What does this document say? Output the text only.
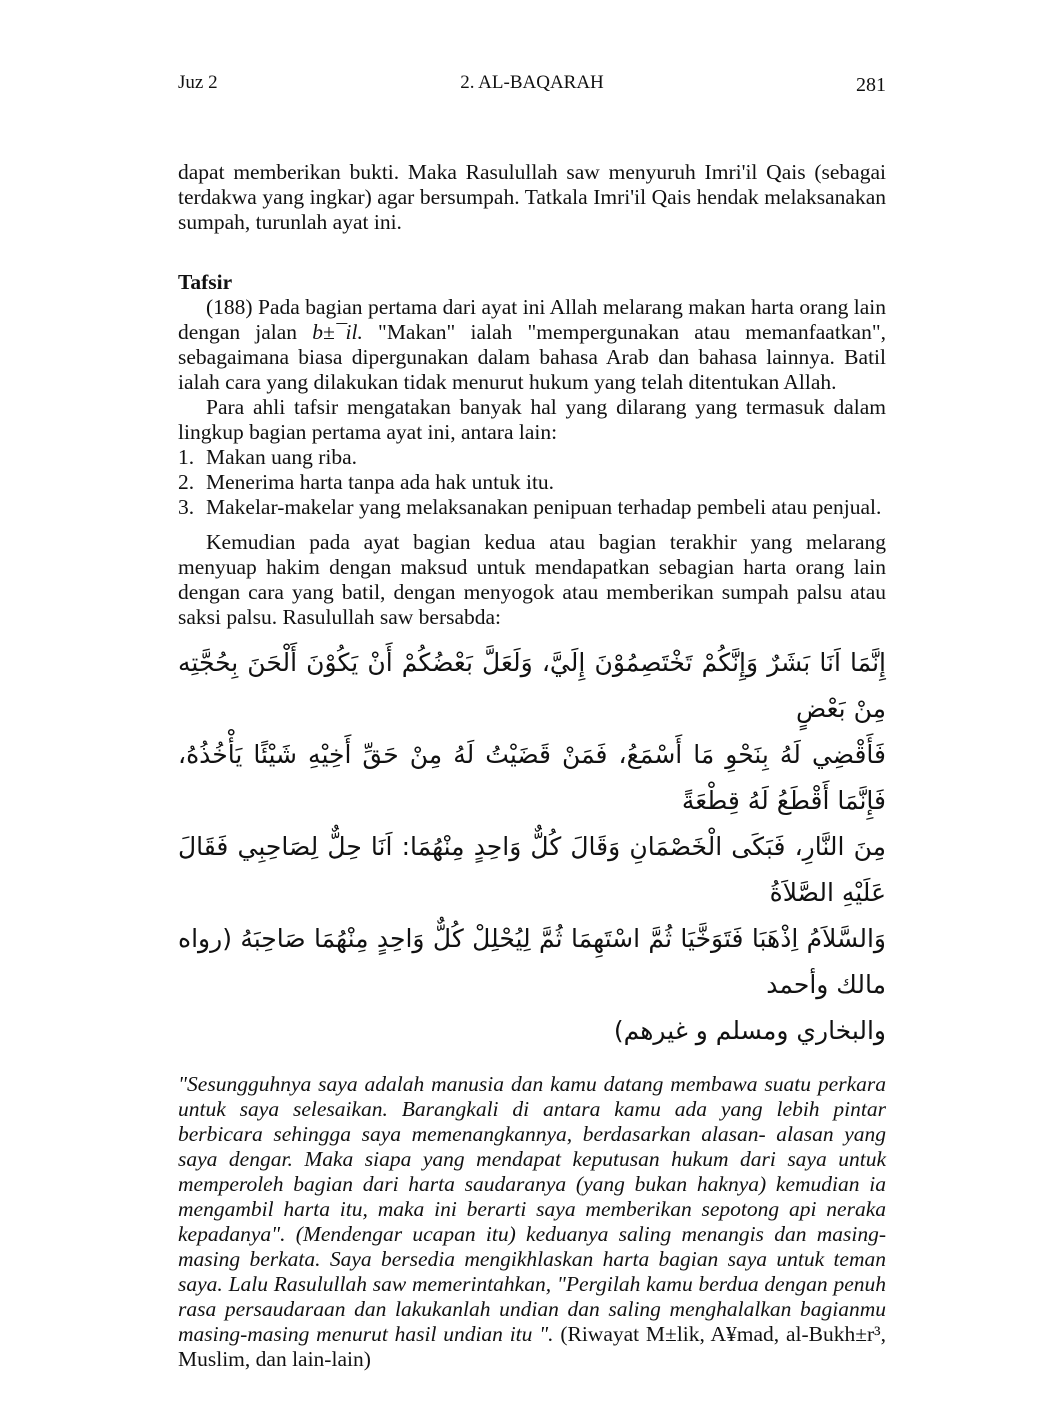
Juz 2	2. AL-BAQARAH	281

dapat memberikan bukti. Maka Rasulullah saw menyuruh Imri'il Qais (sebagai terdakwa yang ingkar) agar bersumpah. Tatkala Imri'il Qais hendak melaksanakan sumpah, turunlah ayat ini.

Tafsir

(188) Pada bagian pertama dari ayat ini Allah melarang makan harta orang lain dengan jalan b±¯il. "Makan" ialah "mempergunakan atau memanfaatkan", sebagaimana biasa dipergunakan dalam bahasa Arab dan bahasa lainnya. Batil ialah cara yang dilakukan tidak menurut hukum yang telah ditentukan Allah.

Para ahli tafsir mengatakan banyak hal yang dilarang yang termasuk dalam lingkup bagian pertama ayat ini, antara lain:

1. Makan uang riba.
2. Menerima harta tanpa ada hak untuk itu.
3. Makelar-makelar yang melaksanakan penipuan terhadap pembeli atau penjual.

Kemudian pada ayat bagian kedua atau bagian terakhir yang melarang menyuap hakim dengan maksud untuk mendapatkan sebagian harta orang lain dengan cara yang batil, dengan menyogok atau memberikan sumpah palsu atau saksi palsu. Rasulullah saw bersabda:

إِنَّمَا اَنَا بَشَرٌ وَإِنَّكُمْ تَخْتَصِمُوْنَ إِلَيَّ، وَلَعَلَّ بَعْضُكُمْ أَنْ يَكُوْنَ أَلْحَنَ بِحُجَّتِه مِنْ بَعْضٍ
فَأَقْضِي لَهُ بِنَحْوِ مَا أَسْمَعُ، فَمَنْ قَضَيْتُ لَهُ مِنْ حَقِّ أَخِيْهِ شَيْئًا يَأْخُذُهُ، فَإِنَّمَا أَقْطَعُ لَهُ قِطْعَةً
مِنَ النَّارِ، فَبَكَى الْخَصْمَانِ وَقَالَ كُلٌّ وَاحِدٍ مِنْهُمَا: اَنَا حِلٌّ لِصَاحِبِي فَقَالَ عَلَيْهِ الصَّلاَةُ
وَالسَّلاَمُ اِذْهَبَا فَتَوَخَّيَا ثُمَّ اسْتَهِمَا ثُمَّ لِيُحْلِلْ كُلٌّ وَاحِدٍ مِنْهُمَا صَاحِبَهُ (رواه مالك وأحمد
والبخاري ومسلم و غيرهم)

"Sesungguhnya saya adalah manusia dan kamu datang membawa suatu perkara untuk saya selesaikan. Barangkali di antara kamu ada yang lebih pintar berbicara sehingga saya memenangkannya, berdasarkan alasan- alasan yang saya dengar. Maka siapa yang mendapat keputusan hukum dari saya untuk memperoleh bagian dari harta saudaranya (yang bukan haknya) kemudian ia mengambil harta itu, maka ini berarti saya memberikan sepotong api neraka kepadanya". (Mendengar ucapan itu) keduanya saling menangis dan masing-masing berkata. Saya bersedia mengikhlaskan harta bagian saya untuk teman saya. Lalu Rasulullah saw memerintahkan, "Pergilah kamu berdua dengan penuh rasa persaudaraan dan lakukanlah undian dan saling menghalalkan bagianmu masing-masing menurut hasil undian itu ". (Riwayat M±lik, A¥mad, al-Bukh±r³, Muslim, dan lain-lain)
